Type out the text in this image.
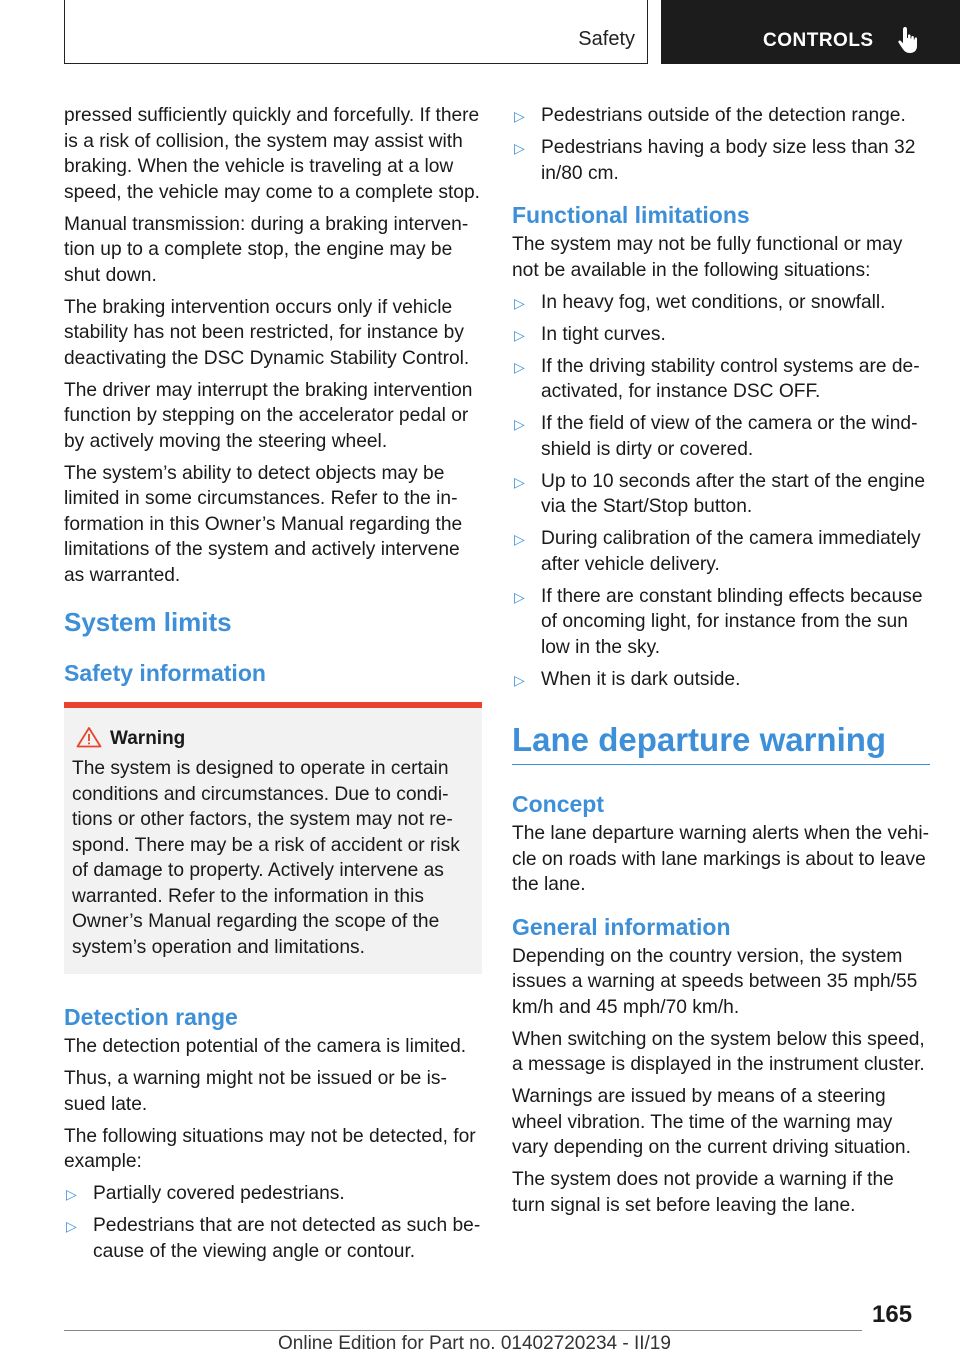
Safety	CONTROLS

pressed sufficiently quickly and forcefully. If there is a risk of collision, the system may assist with braking. When the vehicle is traveling at a low speed, the vehicle may come to a complete stop.

Manual transmission: during a braking intervention up to a complete stop, the engine may be shut down.

The braking intervention occurs only if vehicle stability has not been restricted, for instance by deactivating the DSC Dynamic Stability Control.

The driver may interrupt the braking intervention function by stepping on the accelerator pedal or by actively moving the steering wheel.

The system’s ability to detect objects may be limited in some circumstances. Refer to the information in this Owner’s Manual regarding the limitations of the system and actively intervene as warranted.

System limits
Safety information
Warning

The system is designed to operate in certain conditions and circumstances. Due to conditions or other factors, the system may not respond. There may be a risk of accident or risk of damage to property. Actively intervene as warranted. Refer to the information in this Owner’s Manual regarding the scope of the system’s operation and limitations.

Detection range

The detection potential of the camera is limited.

Thus, a warning might not be issued or be issued late.

The following situations may not be detected, for example:

▷ Partially covered pedestrians.
▷ Pedestrians that are not detected as such because of the viewing angle or contour.
▷ Pedestrians outside of the detection range.
▷ Pedestrians having a body size less than 32 in/80 cm.
Functional limitations

The system may not be fully functional or may not be available in the following situations:

▷ In heavy fog, wet conditions, or snowfall.
▷ In tight curves.
▷ If the driving stability control systems are deactivated, for instance DSC OFF.
▷ If the field of view of the camera or the windshield is dirty or covered.
▷ Up to 10 seconds after the start of the engine via the Start/Stop button.
▷ During calibration of the camera immediately after vehicle delivery.
▷ If there are constant blinding effects because of oncoming light, for instance from the sun low in the sky.
▷ When it is dark outside.
Lane departure warning
Concept

The lane departure warning alerts when the vehicle on roads with lane markings is about to leave the lane.

General information

Depending on the country version, the system issues a warning at speeds between 35 mph/55 km/h and 45 mph/70 km/h.

When switching on the system below this speed, a message is displayed in the instrument cluster.

Warnings are issued by means of a steering wheel vibration. The time of the warning may vary depending on the current driving situation.

The system does not provide a warning if the turn signal is set before leaving the lane.

165
Online Edition for Part no. 01402720234 - II/19
